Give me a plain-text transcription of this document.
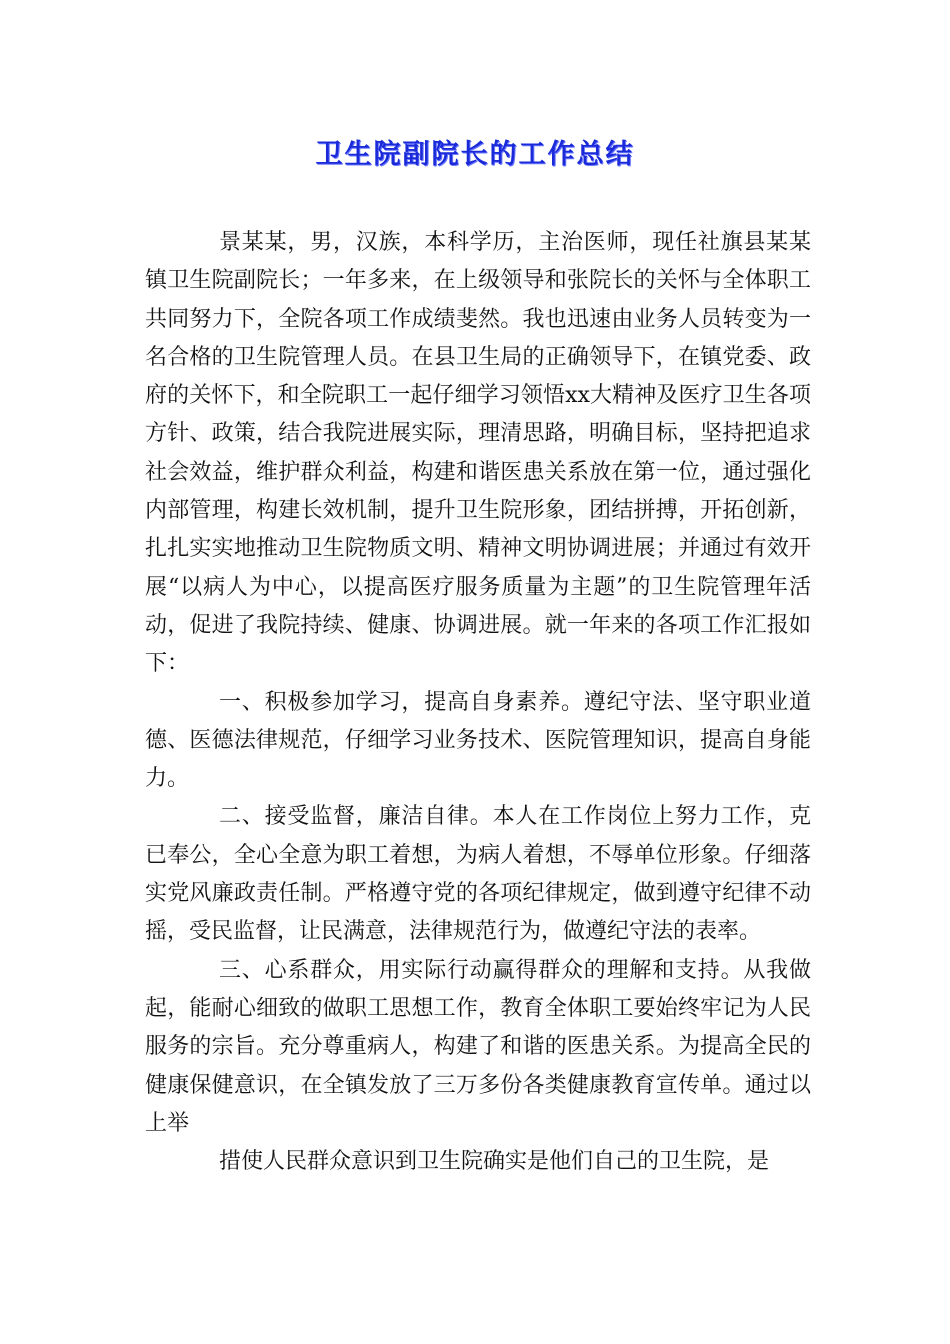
卫生院副院长的工作总结

景某某，男，汉族，本科学历，主治医师，现任社旗县某某镇卫生院副院长；一年多来，在上级领导和张院长的关怀与全体职工共同努力下，全院各项工作成绩斐然。我也迅速由业务人员转变为一名合格的卫生院管理人员。在县卫生局的正确领导下，在镇党委、政府的关怀下，和全院职工一起仔细学习领悟xx大精神及医疗卫生各项方针、政策，结合我院进展实际，理清思路，明确目标，坚持把追求社会效益，维护群众利益，构建和谐医患关系放在第一位，通过强化内部管理，构建长效机制，提升卫生院形象，团结拼搏，开拓创新，扎扎实实地推动卫生院物质文明、精神文明协调进展；并通过有效开展“以病人为中心，以提高医疗服务质量为主题”的卫生院管理年活动，促进了我院持续、健康、协调进展。就一年来的各项工作汇报如下：

一、积极参加学习，提高自身素养。遵纪守法、坚守职业道德、医德法律规范，仔细学习业务技术、医院管理知识，提高自身能力。

二、接受监督，廉洁自律。本人在工作岗位上努力工作，克已奉公，全心全意为职工着想，为病人着想，不辱单位形象。仔细落实党风廉政责任制。严格遵守党的各项纪律规定，做到遵守纪律不动摇，受民监督，让民满意，法律规范行为，做遵纪守法的表率。

三、心系群众，用实际行动赢得群众的理解和支持。从我做起，能耐心细致的做职工思想工作，教育全体职工要始终牢记为人民服务的宗旨。充分尊重病人，构建了和谐的医患关系。为提高全民的健康保健意识，在全镇发放了三万多份各类健康教育宣传单。通过以上举

措使人民群众意识到卫生院确实是他们自己的卫生院，是
